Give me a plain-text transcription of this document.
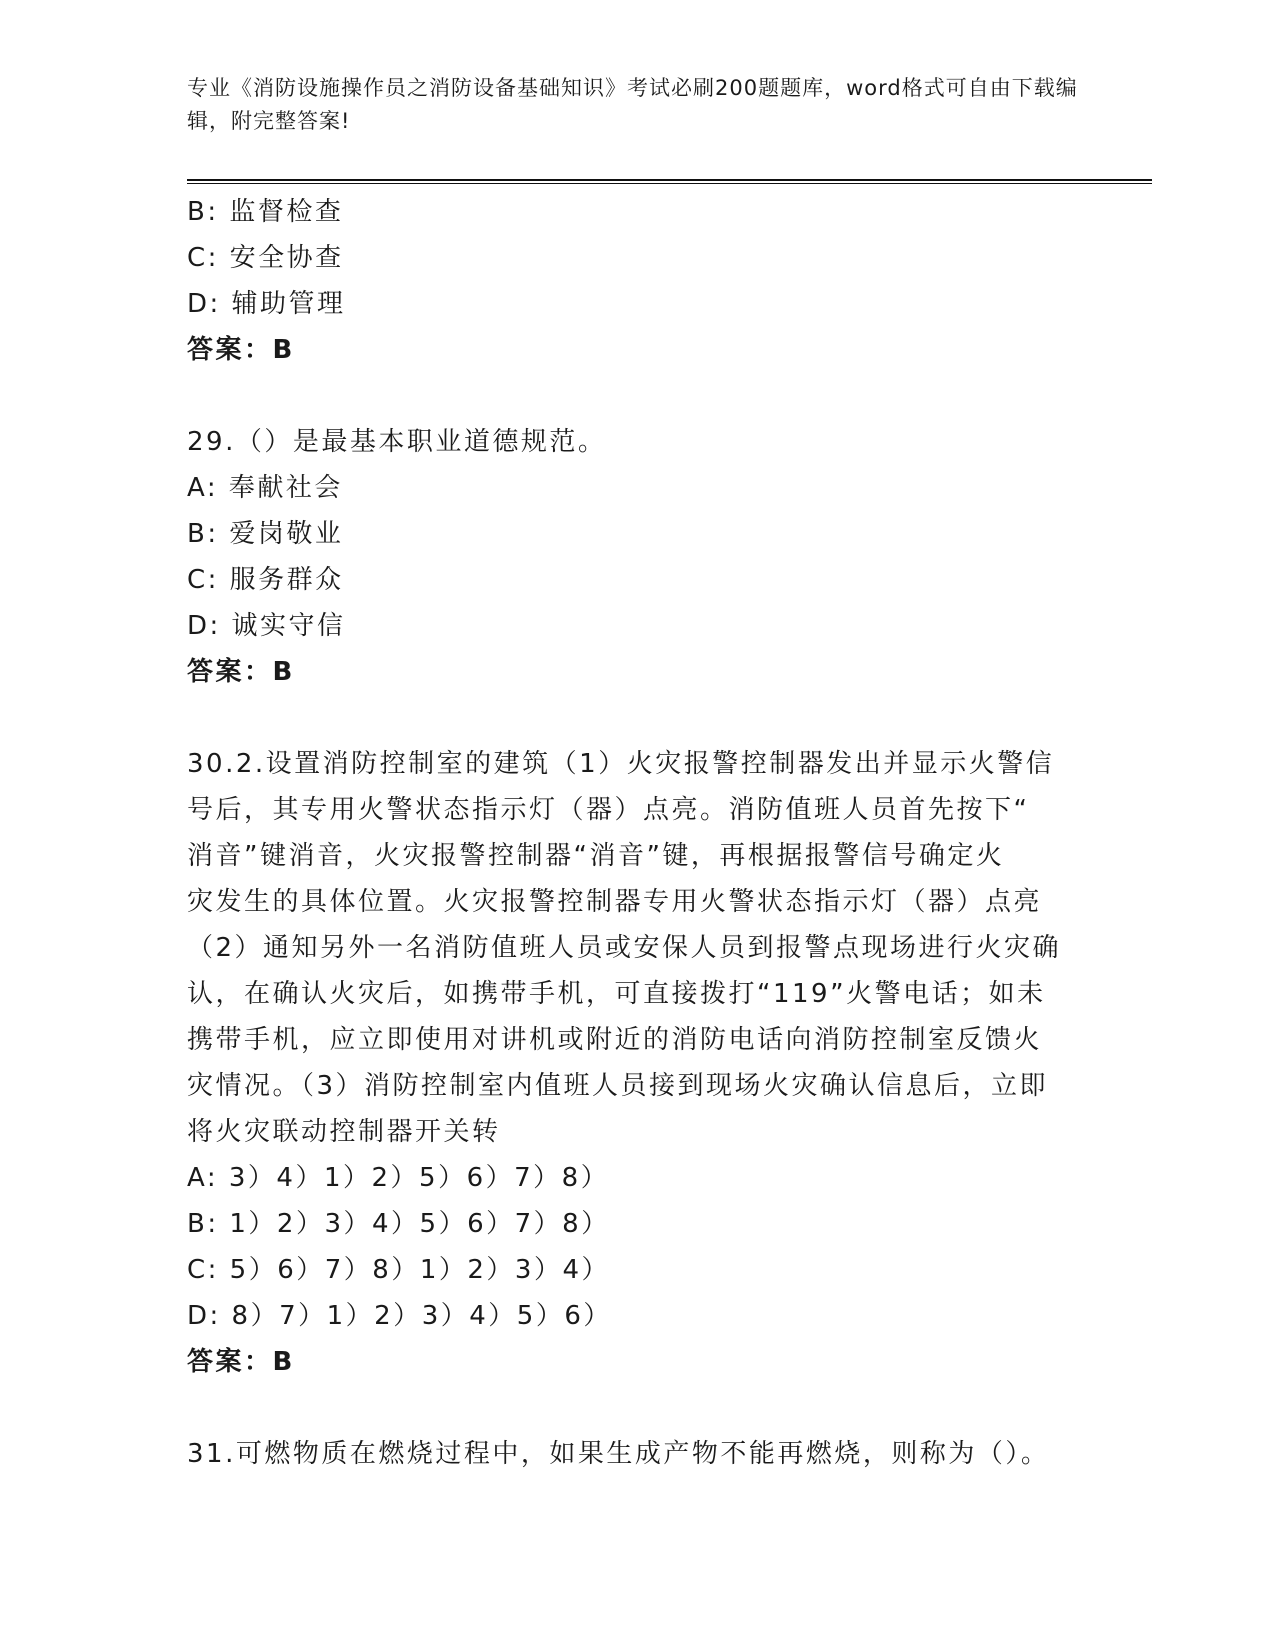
专业《消防设施操作员之消防设备基础知识》考试必刷200题题库，word格式可自由下载编辑，附完整答案!
B: 监督检查
C: 安全协查
D: 辅助管理
答案：B
29.（）是最基本职业道德规范。
A: 奉献社会
B: 爱岗敬业
C: 服务群众
D: 诚实守信
答案：B
30.2.设置消防控制室的建筑（1）火灾报警控制器发出并显示火警信
号后，其专用火警状态指示灯（器）点亮。消防值班人员首先按下“
消音”键消音，火灾报警控制器“消音”键，再根据报警信号确定火
灾发生的具体位置。火灾报警控制器专用火警状态指示灯（器）点亮
（2）通知另外一名消防值班人员或安保人员到报警点现场进行火灾确
认，在确认火灾后，如携带手机，可直接拨打“119”火警电话；如未
携带手机，应立即使用对讲机或附近的消防电话向消防控制室反馈火
灾情况。（3）消防控制室内值班人员接到现场火灾确认信息后，立即
将火灾联动控制器开关转
A: 3）4）1）2）5）6）7）8）
B: 1）2）3）4）5）6）7）8）
C: 5）6）7）8）1）2）3）4）
D: 8）7）1）2）3）4）5）6）
答案：B
31.可燃物质在燃烧过程中，如果生成产物不能再燃烧，则称为（）。
